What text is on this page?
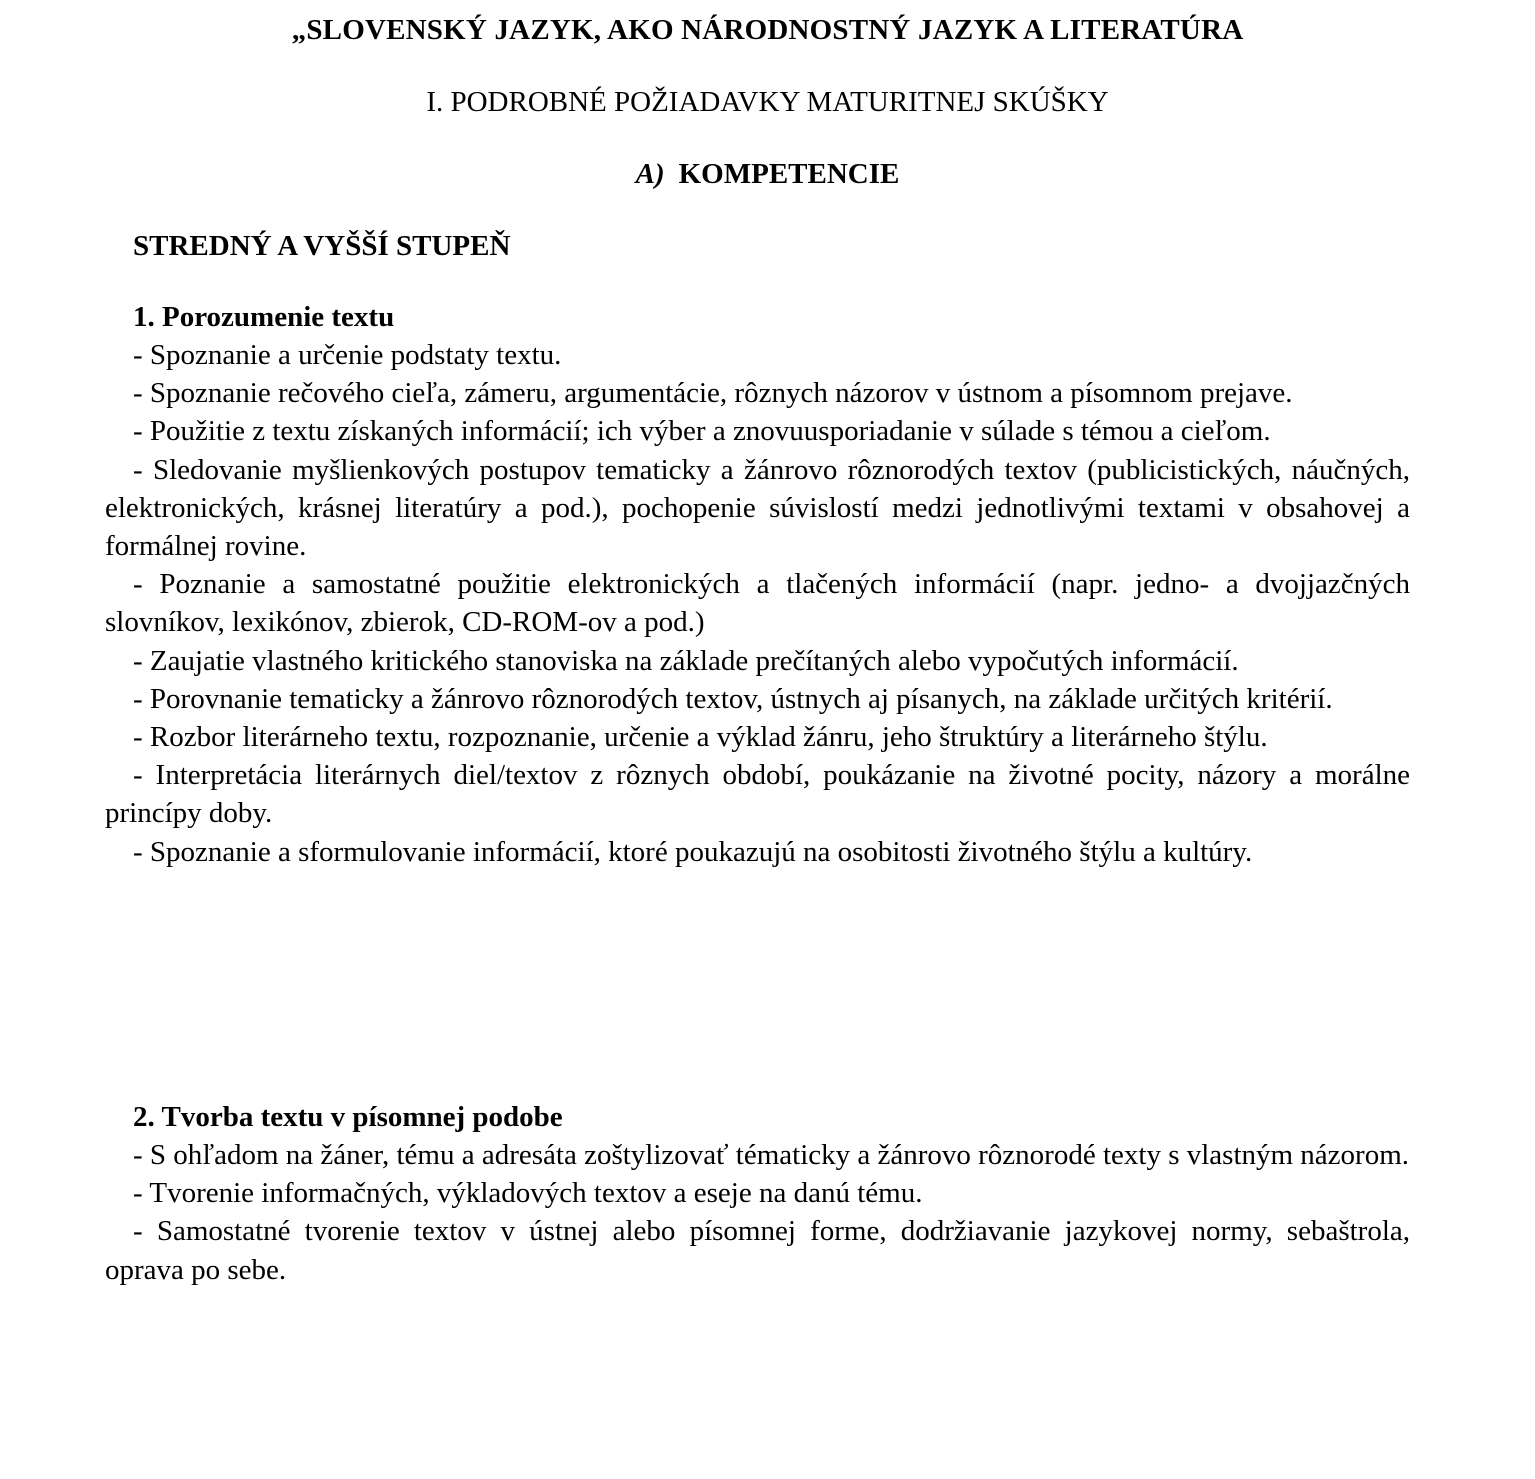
„SLOVENSKÝ JAZYK, AKO NÁRODNOSTNÝ JAZYK A LITERATÚRA
I. PODROBNÉ POŽIADAVKY MATURITNEJ SKÚŠKY
A) KOMPETENCIE
STREDNÝ A VYŠŠÍ STUPEŇ

1. Porozumenie textu

- Spoznanie a určenie podstaty textu.

- Spoznanie rečového cieľa, zámeru, argumentácie, rôznych názorov v ústnom a písomnom prejave.

- Použitie z textu získaných informácií; ich výber a znovuusporiadanie v súlade s témou a cieľom.

- Sledovanie myšlienkových postupov tematicky a žánrovo rôznorodých textov (publicistických, náučných, elektronických, krásnej literatúry a pod.), pochopenie súvislostí medzi jednotlivými textami v obsahovej a formálnej rovine.

- Poznanie a samostatné použitie elektronických a tlačených informácií (napr. jedno- a dvojjazčných slovníkov, lexikónov, zbierok, CD-ROM-ov a pod.)

- Zaujatie vlastného kritického stanoviska na základe prečítaných alebo vypočutých informácií.

- Porovnanie tematicky a žánrovo rôznorodých textov, ústnych aj písanych, na základe určitých kritérií.

- Rozbor literárneho textu, rozpoznanie, určenie a výklad žánru, jeho štruktúry a literárneho štýlu.

- Interpretácia literárnych diel/textov z rôznych období, poukázanie na životné pocity, názory a morálne princípy doby.

- Spoznanie a sformulovanie informácií, ktoré poukazujú na osobitosti životného štýlu a kultúry.

2. Tvorba textu v písomnej podobe

- S ohľadom na žáner, tému a adresáta zoštylizovať tématicky a žánrovo rôznorodé texty s vlastným názorom.

- Tvorenie informačných, výkladových textov a eseje na danú tému.

- Samostatné tvorenie textov v ústnej alebo písomnej forme, dodržiavanie jazykovej normy, sebaštrola, oprava po sebe.
